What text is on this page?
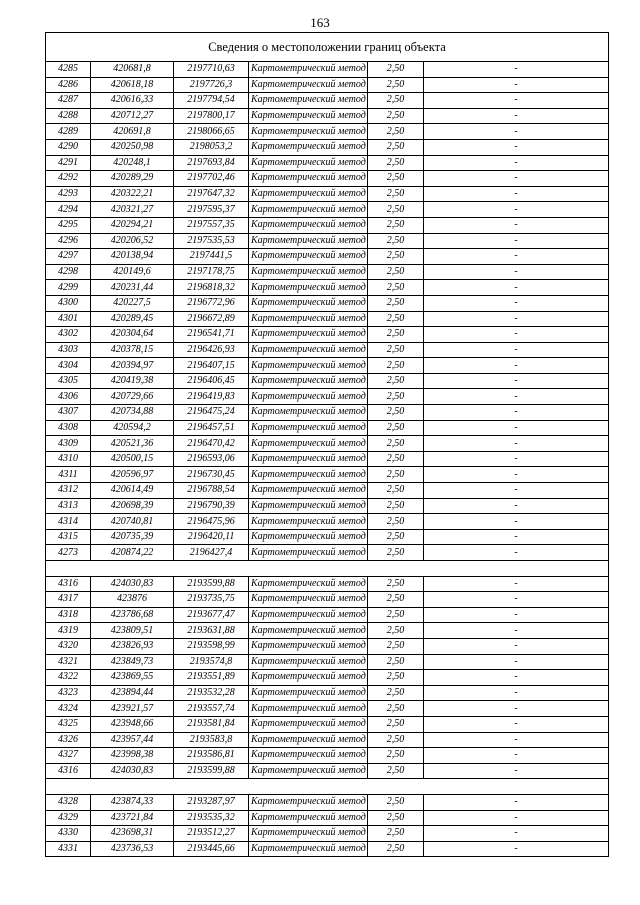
163
Сведения о местоположении границ объекта					
4285	420681,8	2197710,63	Картометрический метод	2,50	-
4286	420618,18	2197726,3	Картометрический метод	2,50	-
4287	420616,33	2197794,54	Картометрический метод	2,50	-
4288	420712,27	2197800,17	Картометрический метод	2,50	-
4289	420691,8	2198066,65	Картометрический метод	2,50	-
4290	420250,98	2198053,2	Картометрический метод	2,50	-
4291	420248,1	2197693,84	Картометрический метод	2,50	-
4292	420289,29	2197702,46	Картометрический метод	2,50	-
4293	420322,21	2197647,32	Картометрический метод	2,50	-
4294	420321,27	2197595,37	Картометрический метод	2,50	-
4295	420294,21	2197557,35	Картометрический метод	2,50	-
4296	420206,52	2197535,53	Картометрический метод	2,50	-
4297	420138,94	2197441,5	Картометрический метод	2,50	-
4298	420149,6	2197178,75	Картометрический метод	2,50	-
4299	420231,44	2196818,32	Картометрический метод	2,50	-
4300	420227,5	2196772,96	Картометрический метод	2,50	-
4301	420289,45	2196672,89	Картометрический метод	2,50	-
4302	420304,64	2196541,71	Картометрический метод	2,50	-
4303	420378,15	2196426,93	Картометрический метод	2,50	-
4304	420394,97	2196407,15	Картометрический метод	2,50	-
4305	420419,38	2196406,45	Картометрический метод	2,50	-
4306	420729,66	2196419,83	Картометрический метод	2,50	-
4307	420734,88	2196475,24	Картометрический метод	2,50	-
4308	420594,2	2196457,51	Картометрический метод	2,50	-
4309	420521,36	2196470,42	Картометрический метод	2,50	-
4310	420500,15	2196593,06	Картометрический метод	2,50	-
4311	420596,97	2196730,45	Картометрический метод	2,50	-
4312	420614,49	2196788,54	Картометрический метод	2,50	-
4313	420698,39	2196790,39	Картометрический метод	2,50	-
4314	420740,81	2196475,96	Картометрический метод	2,50	-
4315	420735,39	2196420,11	Картометрический метод	2,50	-
4273	420874,22	2196427,4	Картометрический метод	2,50	-

4316	424030,83	2193599,88	Картометрический метод	2,50	-
4317	423876	2193735,75	Картометрический метод	2,50	-
4318	423786,68	2193677,47	Картометрический метод	2,50	-
4319	423809,51	2193631,88	Картометрический метод	2,50	-
4320	423826,93	2193598,99	Картометрический метод	2,50	-
4321	423849,73	2193574,8	Картометрический метод	2,50	-
4322	423869,55	2193551,89	Картометрический метод	2,50	-
4323	423894,44	2193532,28	Картометрический метод	2,50	-
4324	423921,57	2193557,74	Картометрический метод	2,50	-
4325	423948,66	2193581,84	Картометрический метод	2,50	-
4326	423957,44	2193583,8	Картометрический метод	2,50	-
4327	423998,38	2193586,81	Картометрический метод	2,50	-
4316	424030,83	2193599,88	Картометрический метод	2,50	-

4328	423874,33	2193287,97	Картометрический метод	2,50	-
4329	423721,84	2193535,32	Картометрический метод	2,50	-
4330	423698,31	2193512,27	Картометрический метод	2,50	-
4331	423736,53	2193445,66	Картометрический метод	2,50	-
